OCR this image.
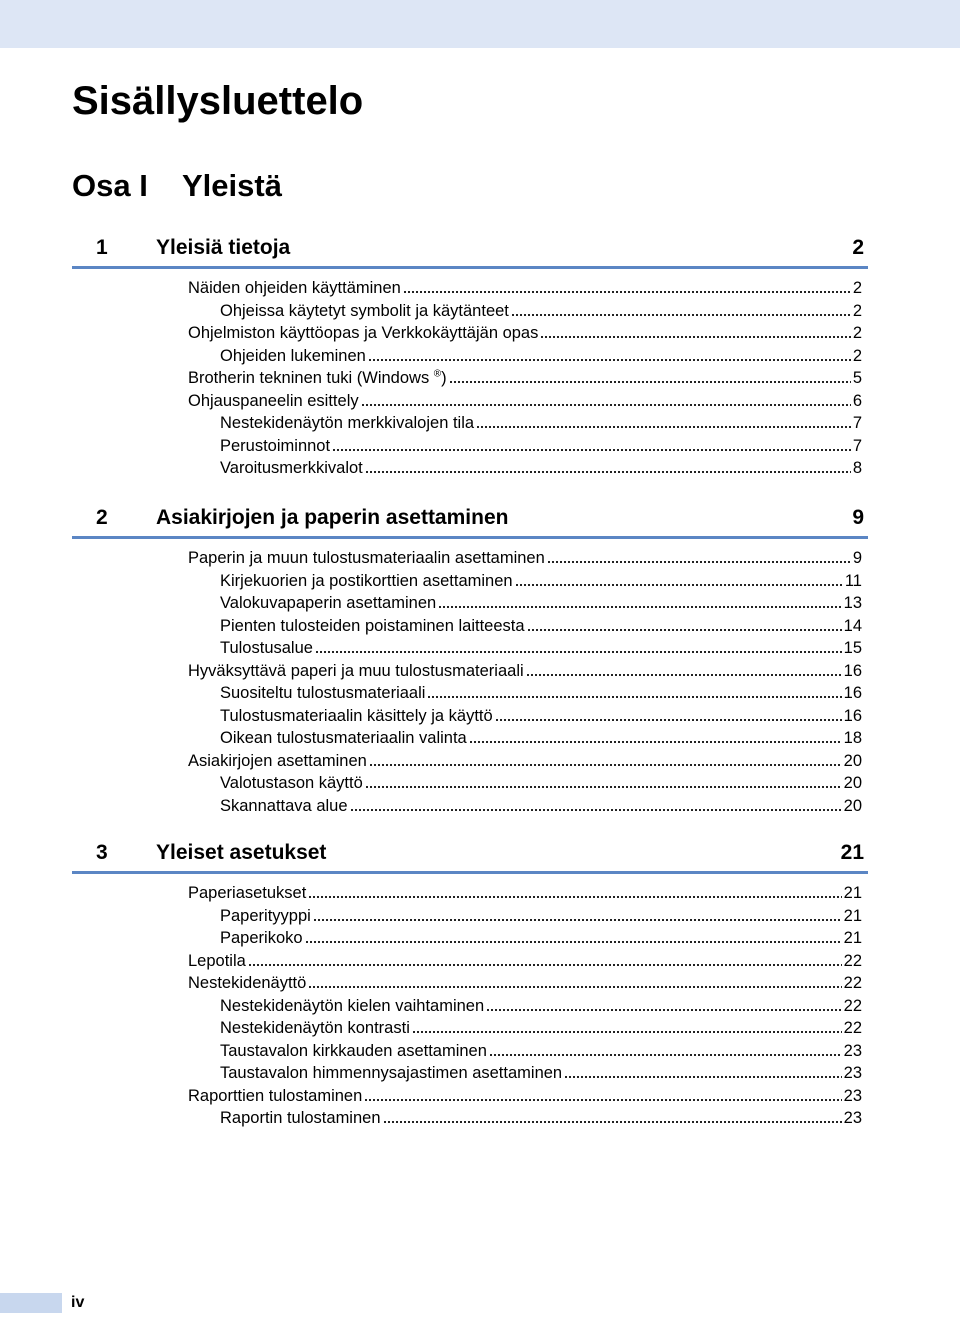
Sisällysluettelo
Osa I Yleistä
1 Yleisiä tietoja	2
Näiden ohjeiden käyttäminen	2
Ohjeissa käytetyt symbolit ja käytänteet	2
Ohjelmiston käyttöopas ja Verkkokäyttäjän opas	2
Ohjeiden lukeminen	2
Brotherin tekninen tuki (Windows ®)	5
Ohjauspaneelin esittely	6
Nestekidenäytön merkkivalojen tila	7
Perustoiminnot	7
Varoitusmerkkivalot	8
2 Asiakirjojen ja paperin asettaminen	9
Paperin ja muun tulostusmateriaalin asettaminen	9
Kirjekuorien ja postikorttien asettaminen	11
Valokuvapaperin asettaminen	13
Pienten tulosteiden poistaminen laitteesta	14
Tulostusalue	15
Hyväksyttävä paperi ja muu tulostusmateriaali	16
Suositeltu tulostusmateriaali	16
Tulostusmateriaalin käsittely ja käyttö	16
Oikean tulostusmateriaalin valinta	18
Asiakirjojen asettaminen	20
Valotustason käyttö	20
Skannattava alue	20
3 Yleiset asetukset	21
Paperiasetukset	21
Paperityyppi	21
Paperikoko	21
Lepotila	22
Nestekidenäyttö	22
Nestekidenäytön kielen vaihtaminen	22
Nestekidenäytön kontrasti	22
Taustavalon kirkkauden asettaminen	23
Taustavalon himmennysajastimen asettaminen	23
Raporttien tulostaminen	23
Raportin tulostaminen	23
iv
